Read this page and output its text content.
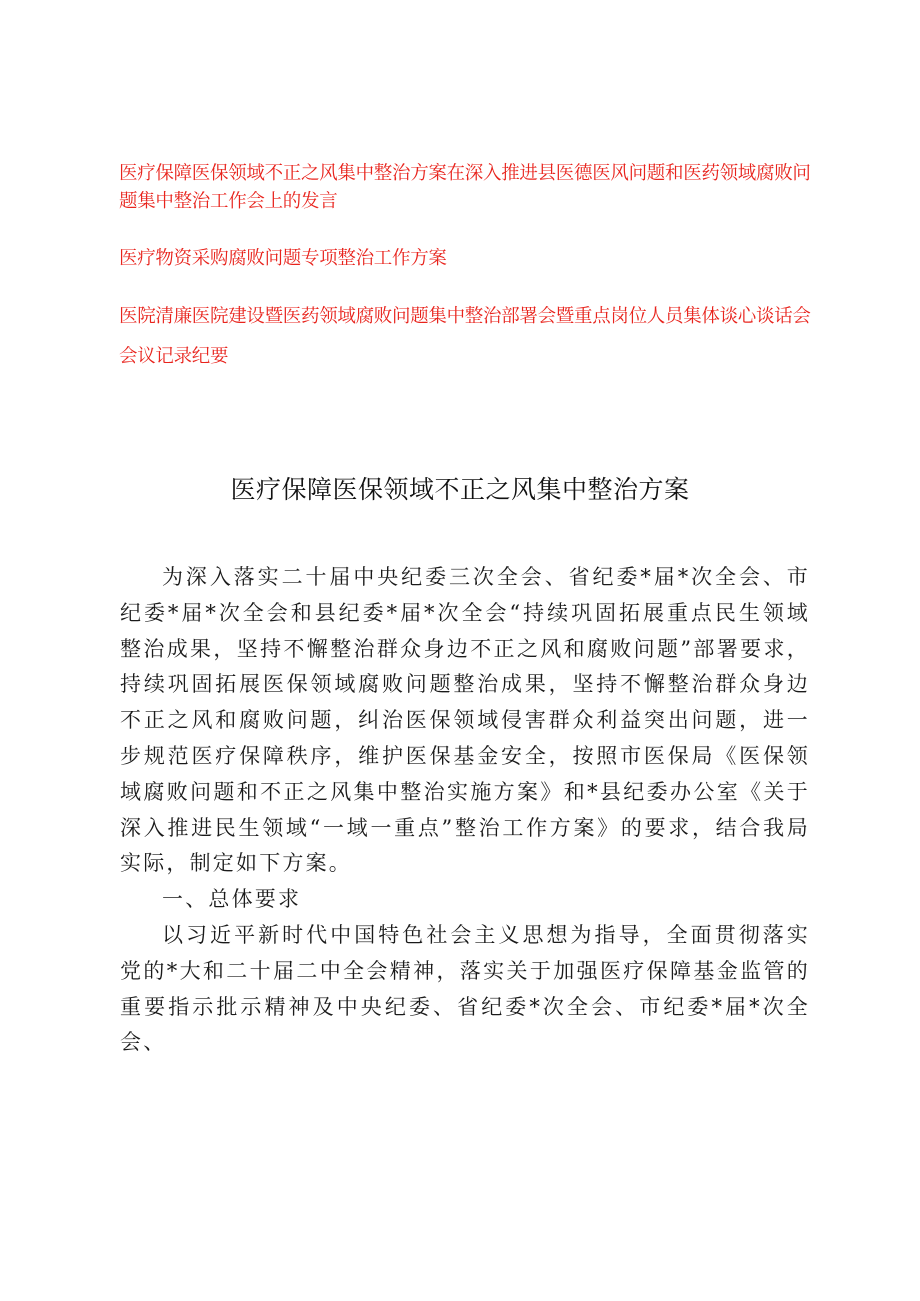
医疗保障医保领域不正之风集中整治方案在深入推进县医德医风问题和医药领域腐败问题集中整治工作会上的发言
医疗物资采购腐败问题专项整治工作方案
医院清廉医院建设暨医药领域腐败问题集中整治部署会暨重点岗位人员集体谈心谈话会会议记录纪要
医疗保障医保领域不正之风集中整治方案

为深入落实二十届中央纪委三次全会、省纪委*届*次全会、市纪委*届*次全会和县纪委*届*次全会“持续巩固拓展重点民生领域整治成果，坚持不懈整治群众身边不正之风和腐败问题”部署要求，持续巩固拓展医保领域腐败问题整治成果，坚持不懈整治群众身边不正之风和腐败问题，纠治医保领域侵害群众利益突出问题，进一步规范医疗保障秩序，维护医保基金安全，按照市医保局《医保领域腐败问题和不正之风集中整治实施方案》和*县纪委办公室《关于深入推进民生领域“一域一重点”整治工作方案》的要求，结合我局实际，制定如下方案。

一、总体要求

以习近平新时代中国特色社会主义思想为指导，全面贯彻落实党的*大和二十届二中全会精神，落实关于加强医疗保障基金监管的重要指示批示精神及中央纪委、省纪委*次全会、市纪委*届*次全会、
